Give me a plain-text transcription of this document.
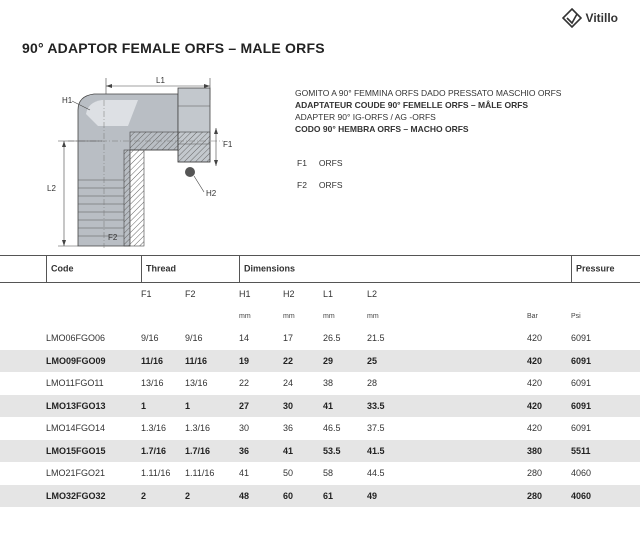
Vitillo
90° ADAPTOR FEMALE ORFS – MALE ORFS
L1
H1
F1
L2
H2
F2
GOMITO A 90° FEMMINA ORFS DADO PRESSATO MASCHIO ORFS
ADAPTATEUR COUDE 90° FEMELLE ORFS – MÂLE ORFS
ADAPTER 90° IG-ORFS / AG -ORFS
CODO 90° HEMBRA ORFS – MACHO ORFS
F1 ORFS
F2 ORFS
	Code	Thread		Dimensions					Pressure
		F1	F2	H1	H2	L1	L2		
				mm	mm	mm	mm	Bar	Psi
	LMO06FGO06	9/16	9/16	14	17	26.5	21.5	420	6091
	LMO09FGO09	11/16	11/16	19	22	29	25	420	6091
	LMO11FGO11	13/16	13/16	22	24	38	28	420	6091
	LMO13FGO13	1	1	27	30	41	33.5	420	6091
	LMO14FGO14	1.3/16	1.3/16	30	36	46.5	37.5	420	6091
	LMO15FGO15	1.7/16	1.7/16	36	41	53.5	41.5	380	5511
	LMO21FGO21	1.11/16	1.11/16	41	50	58	44.5	280	4060
	LMO32FGO32	2	2	48	60	61	49	280	4060
